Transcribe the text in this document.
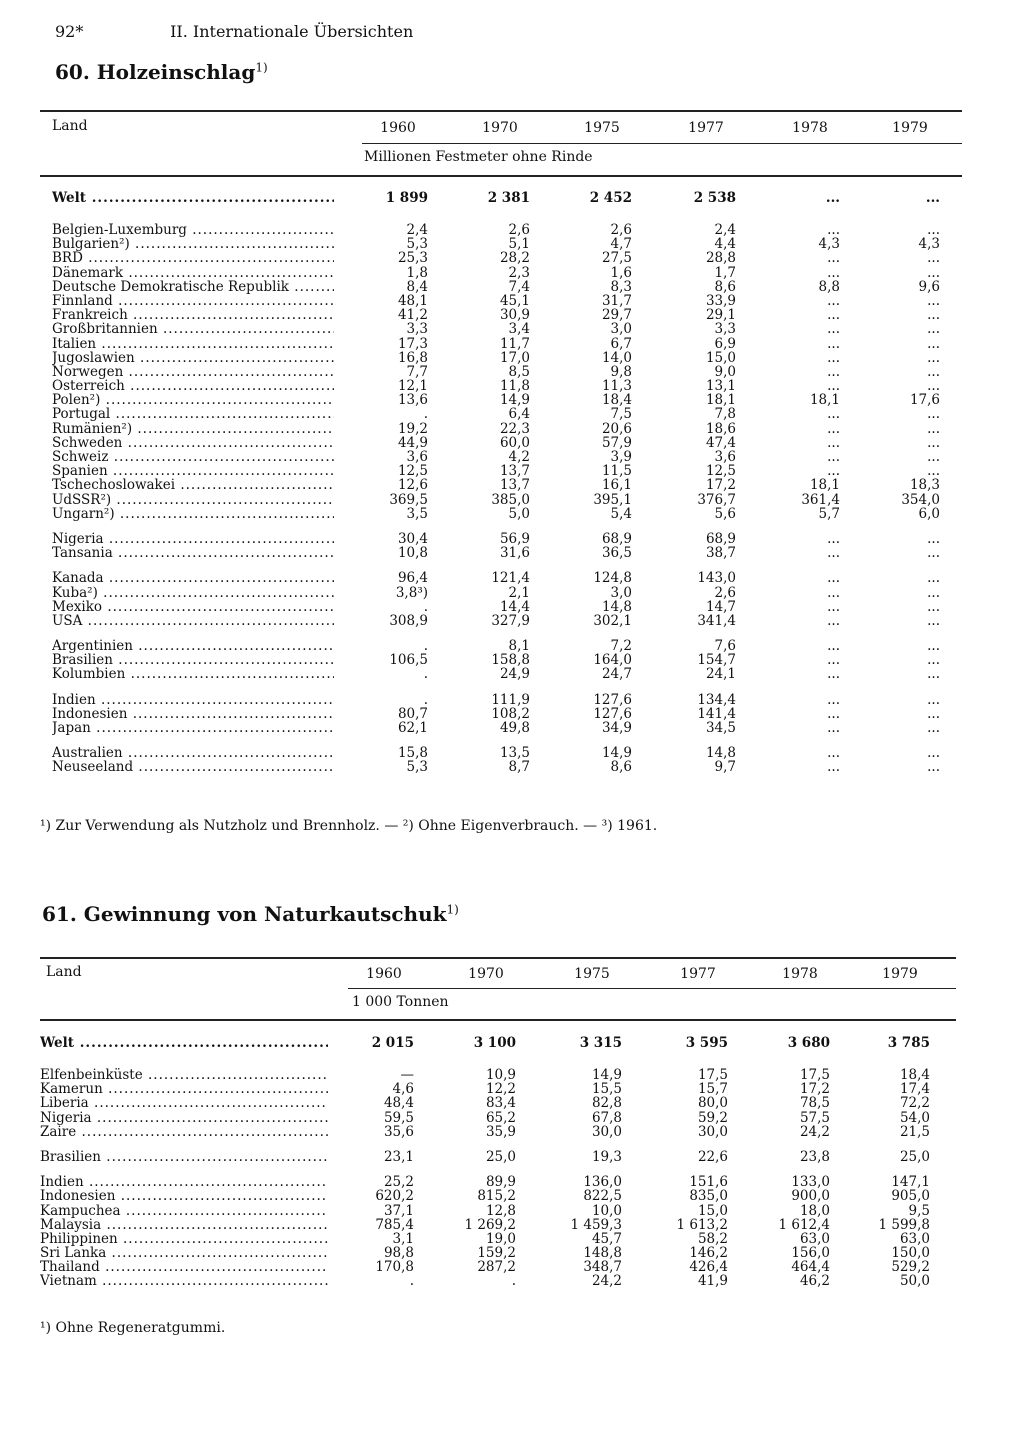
92*	II. Internationale Übersichten
60. Holzeinschlag$^{1)}$
Land	1960	1970	1975	1977	1978	1979
Millionen Festmeter ohne Rinde
Welt .....	1 899	2 381	2 452	2 538	...	...
Belgien-Luxemburg .....	2,4	2,6	2,6	2,4	...	...
Bulgarien²) .....	5,3	5,1	4,7	4,4	4,3	4,3
BRD .....	25,3	28,2	27,5	28,8	...	...
Dänemark .....	1,8	2,3	1,6	1,7	...	...
Deutsche Demokratische Republik .....	8,4	7,4	8,3	8,6	8,8	9,6
Finnland .....	48,1	45,1	31,7	33,9	...	...
Frankreich .....	41,2	30,9	29,7	29,1	...	...
Großbritannien .....	3,3	3,4	3,0	3,3	...	...
Italien .....	17,3	11,7	6,7	6,9	...	...
Jugoslawien .....	16,8	17,0	14,0	15,0	...	...
Norwegen .....	7,7	8,5	9,8	9,0	...	...
Österreich .....	12,1	11,8	11,3	13,1	...	...
Polen²) .....	13,6	14,9	18,4	18,1	18,1	17,6
Portugal .....	.	6,4	7,5	7,8	...	...
Rumänien²) .....	19,2	22,3	20,6	18,6	...	...
Schweden .....	44,9	60,0	57,9	47,4	...	...
Schweiz .....	3,6	4,2	3,9	3,6	...	...
Spanien .....	12,5	13,7	11,5	12,5	...	...
Tschechoslowakei .....	12,6	13,7	16,1	17,2	18,1	18,3
UdSSR²) .....	369,5	385,0	395,1	376,7	361,4	354,0
Ungarn²) .....	3,5	5,0	5,4	5,6	5,7	6,0
Nigeria .....	30,4	56,9	68,9	68,9	...	...
Tansania .....	10,8	31,6	36,5	38,7	...	...
Kanada .....	96,4	121,4	124,8	143,0	...	...
Kuba²) .....	3,8³)	2,1	3,0	2,6	...	...
Mexiko .....	.	14,4	14,8	14,7	...	...
USA .....	308,9	327,9	302,1	341,4	...	...
Argentinien .....	.	8,1	7,2	7,6	...	...
Brasilien .....	106,5	158,8	164,0	154,7	...	...
Kolumbien .....	.	24,9	24,7	24,1	...	...
Indien .....	.	111,9	127,6	134,4	...	...
Indonesien .....	80,7	108,2	127,6	141,4	...	...
Japan .....	62,1	49,8	34,9	34,5	...	...
Australien .....	15,8	13,5	14,9	14,8	...	...
Neuseeland .....	5,3	8,7	8,6	9,7	...	...
¹) Zur Verwendung als Nutzholz und Brennholz. — ²) Ohne Eigenverbrauch. — ³) 1961.
61. Gewinnung von Naturkautschuk$^{1)}$
Land	1960	1970	1975	1977	1978	1979
1 000 Tonnen
Welt .....	2 015	3 100	3 315	3 595	3 680	3 785
Elfenbeinküste .....	—	10,9	14,9	17,5	17,5	18,4
Kamerun .....	4,6	12,2	15,5	15,7	17,2	17,4
Liberia .....	48,4	83,4	82,8	80,0	78,5	72,2
Nigeria .....	59,5	65,2	67,8	59,2	57,5	54,0
Zaire .....	35,6	35,9	30,0	30,0	24,2	21,5
Brasilien .....	23,1	25,0	19,3	22,6	23,8	25,0
Indien .....	25,2	89,9	136,0	151,6	133,0	147,1
Indonesien .....	620,2	815,2	822,5	835,0	900,0	905,0
Kampuchea .....	37,1	12,8	10,0	15,0	18,0	9,5
Malaysia .....	785,4	1 269,2	1 459,3	1 613,2	1 612,4	1 599,8
Philippinen .....	3,1	19,0	45,7	58,2	63,0	63,0
Sri Lanka .....	98,8	159,2	148,8	146,2	156,0	150,0
Thailand .....	170,8	287,2	348,7	426,4	464,4	529,2
Vietnam .....	.	.	24,2	41,9	46,2	50,0
¹) Ohne Regeneratgummi.
